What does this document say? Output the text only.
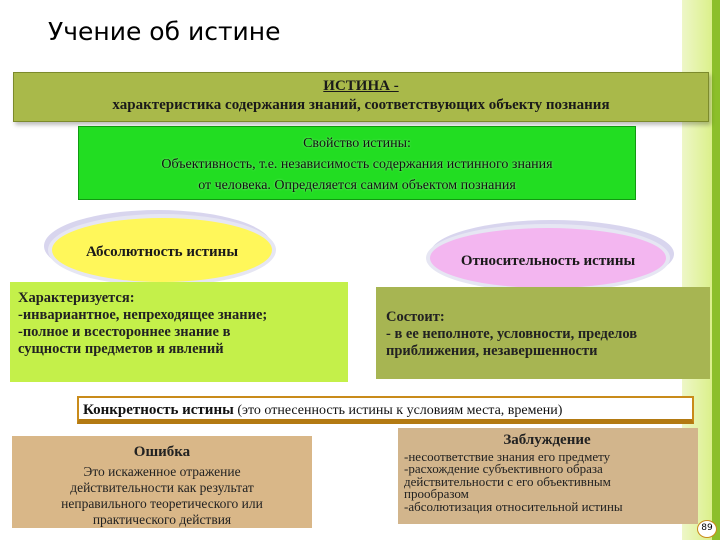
Учение об истине
ИСТИНА -
характеристика содержания знаний, соответствующих объекту познания
Свойство истины:
Объективность, т.е. независимость содержания истинного знания
от человека. Определяется самим объектом познания
Абсолютность истины
Относительность истины
Характеризуется:
-инвариантное, непреходящее знание;
-полное и всестороннее знание в
сущности предметов и явлений
Состоит:
- в ее неполноте, условности, пределов
приближения, незавершенности
Конкретность истины (это отнесенность истины к условиям места, времени)
Ошибка
Это искаженное отражение
действительности как результат
неправильного теоретического или
практического действия
Заблуждение
-несоответствие знания его предмету
-расхождение субъективного образа
действительности с его объективным
прообразом
-абсолютизация относительной истины
89
